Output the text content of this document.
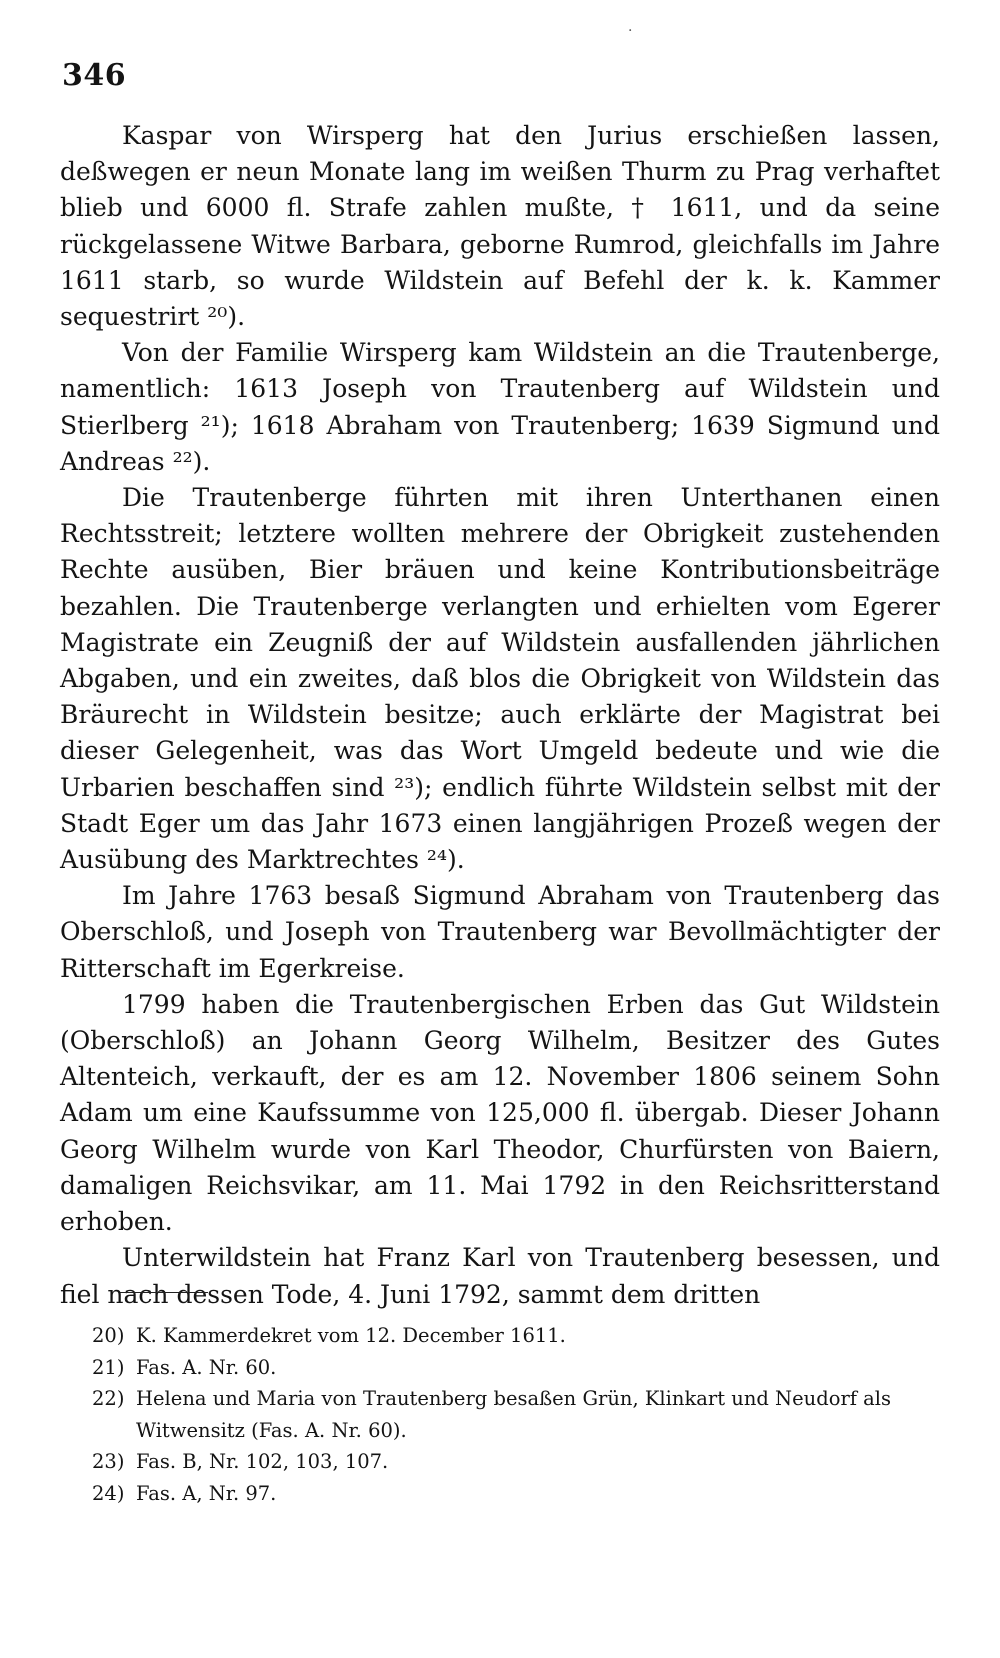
346
·

Kaspar von Wirsperg hat den Jurius erschießen lassen, deßwegen er neun Monate lang im weißen Thurm zu Prag verhaftet blieb und 6000 fl. Strafe zahlen mußte, † 1611, und da seine rückgelassene Witwe Barbara, geborne Rumrod, gleichfalls im Jahre 1611 starb, so wurde Wildstein auf Befehl der k. k. Kammer sequestrirt ²⁰).

Von der Familie Wirsperg kam Wildstein an die Trautenberge, namentlich: 1613 Joseph von Trautenberg auf Wildstein und Stierlberg ²¹); 1618 Abraham von Trautenberg; 1639 Sigmund und Andreas ²²).

Die Trautenberge führten mit ihren Unterthanen einen Rechtsstreit; letztere wollten mehrere der Obrigkeit zustehenden Rechte ausüben, Bier bräuen und keine Kontributionsbeiträge bezahlen. Die Trautenberge verlangten und erhielten vom Egerer Magistrate ein Zeugniß der auf Wildstein ausfallenden jährlichen Abgaben, und ein zweites, daß blos die Obrigkeit von Wildstein das Bräurecht in Wildstein besitze; auch erklärte der Magistrat bei dieser Gelegenheit, was das Wort Umgeld bedeute und wie die Urbarien beschaffen sind ²³); endlich führte Wildstein selbst mit der Stadt Eger um das Jahr 1673 einen langjährigen Prozeß wegen der Ausübung des Marktrechtes ²⁴).

Im Jahre 1763 besaß Sigmund Abraham von Trautenberg das Oberschloß, und Joseph von Trautenberg war Bevollmächtigter der Ritterschaft im Egerkreise.

1799 haben die Trautenbergischen Erben das Gut Wildstein (Oberschloß) an Johann Georg Wilhelm, Besitzer des Gutes Altenteich, verkauft, der es am 12. November 1806 seinem Sohn Adam um eine Kaufssumme von 125,000 fl. übergab. Dieser Johann Georg Wilhelm wurde von Karl Theodor, Churfürsten von Baiern, damaligen Reichsvikar, am 11. Mai 1792 in den Reichsritterstand erhoben.

Unterwildstein hat Franz Karl von Trautenberg besessen, und fiel nach dessen Tode, 4. Juni 1792, sammt dem dritten

20) K. Kammerdekret vom 12. December 1611.
21) Fas. A. Nr. 60.
22) Helena und Maria von Trautenberg besaßen Grün, Klinkart und Neudorf als Witwensitz (Fas. A. Nr. 60).
23) Fas. B, Nr. 102, 103, 107.
24) Fas. A, Nr. 97.
